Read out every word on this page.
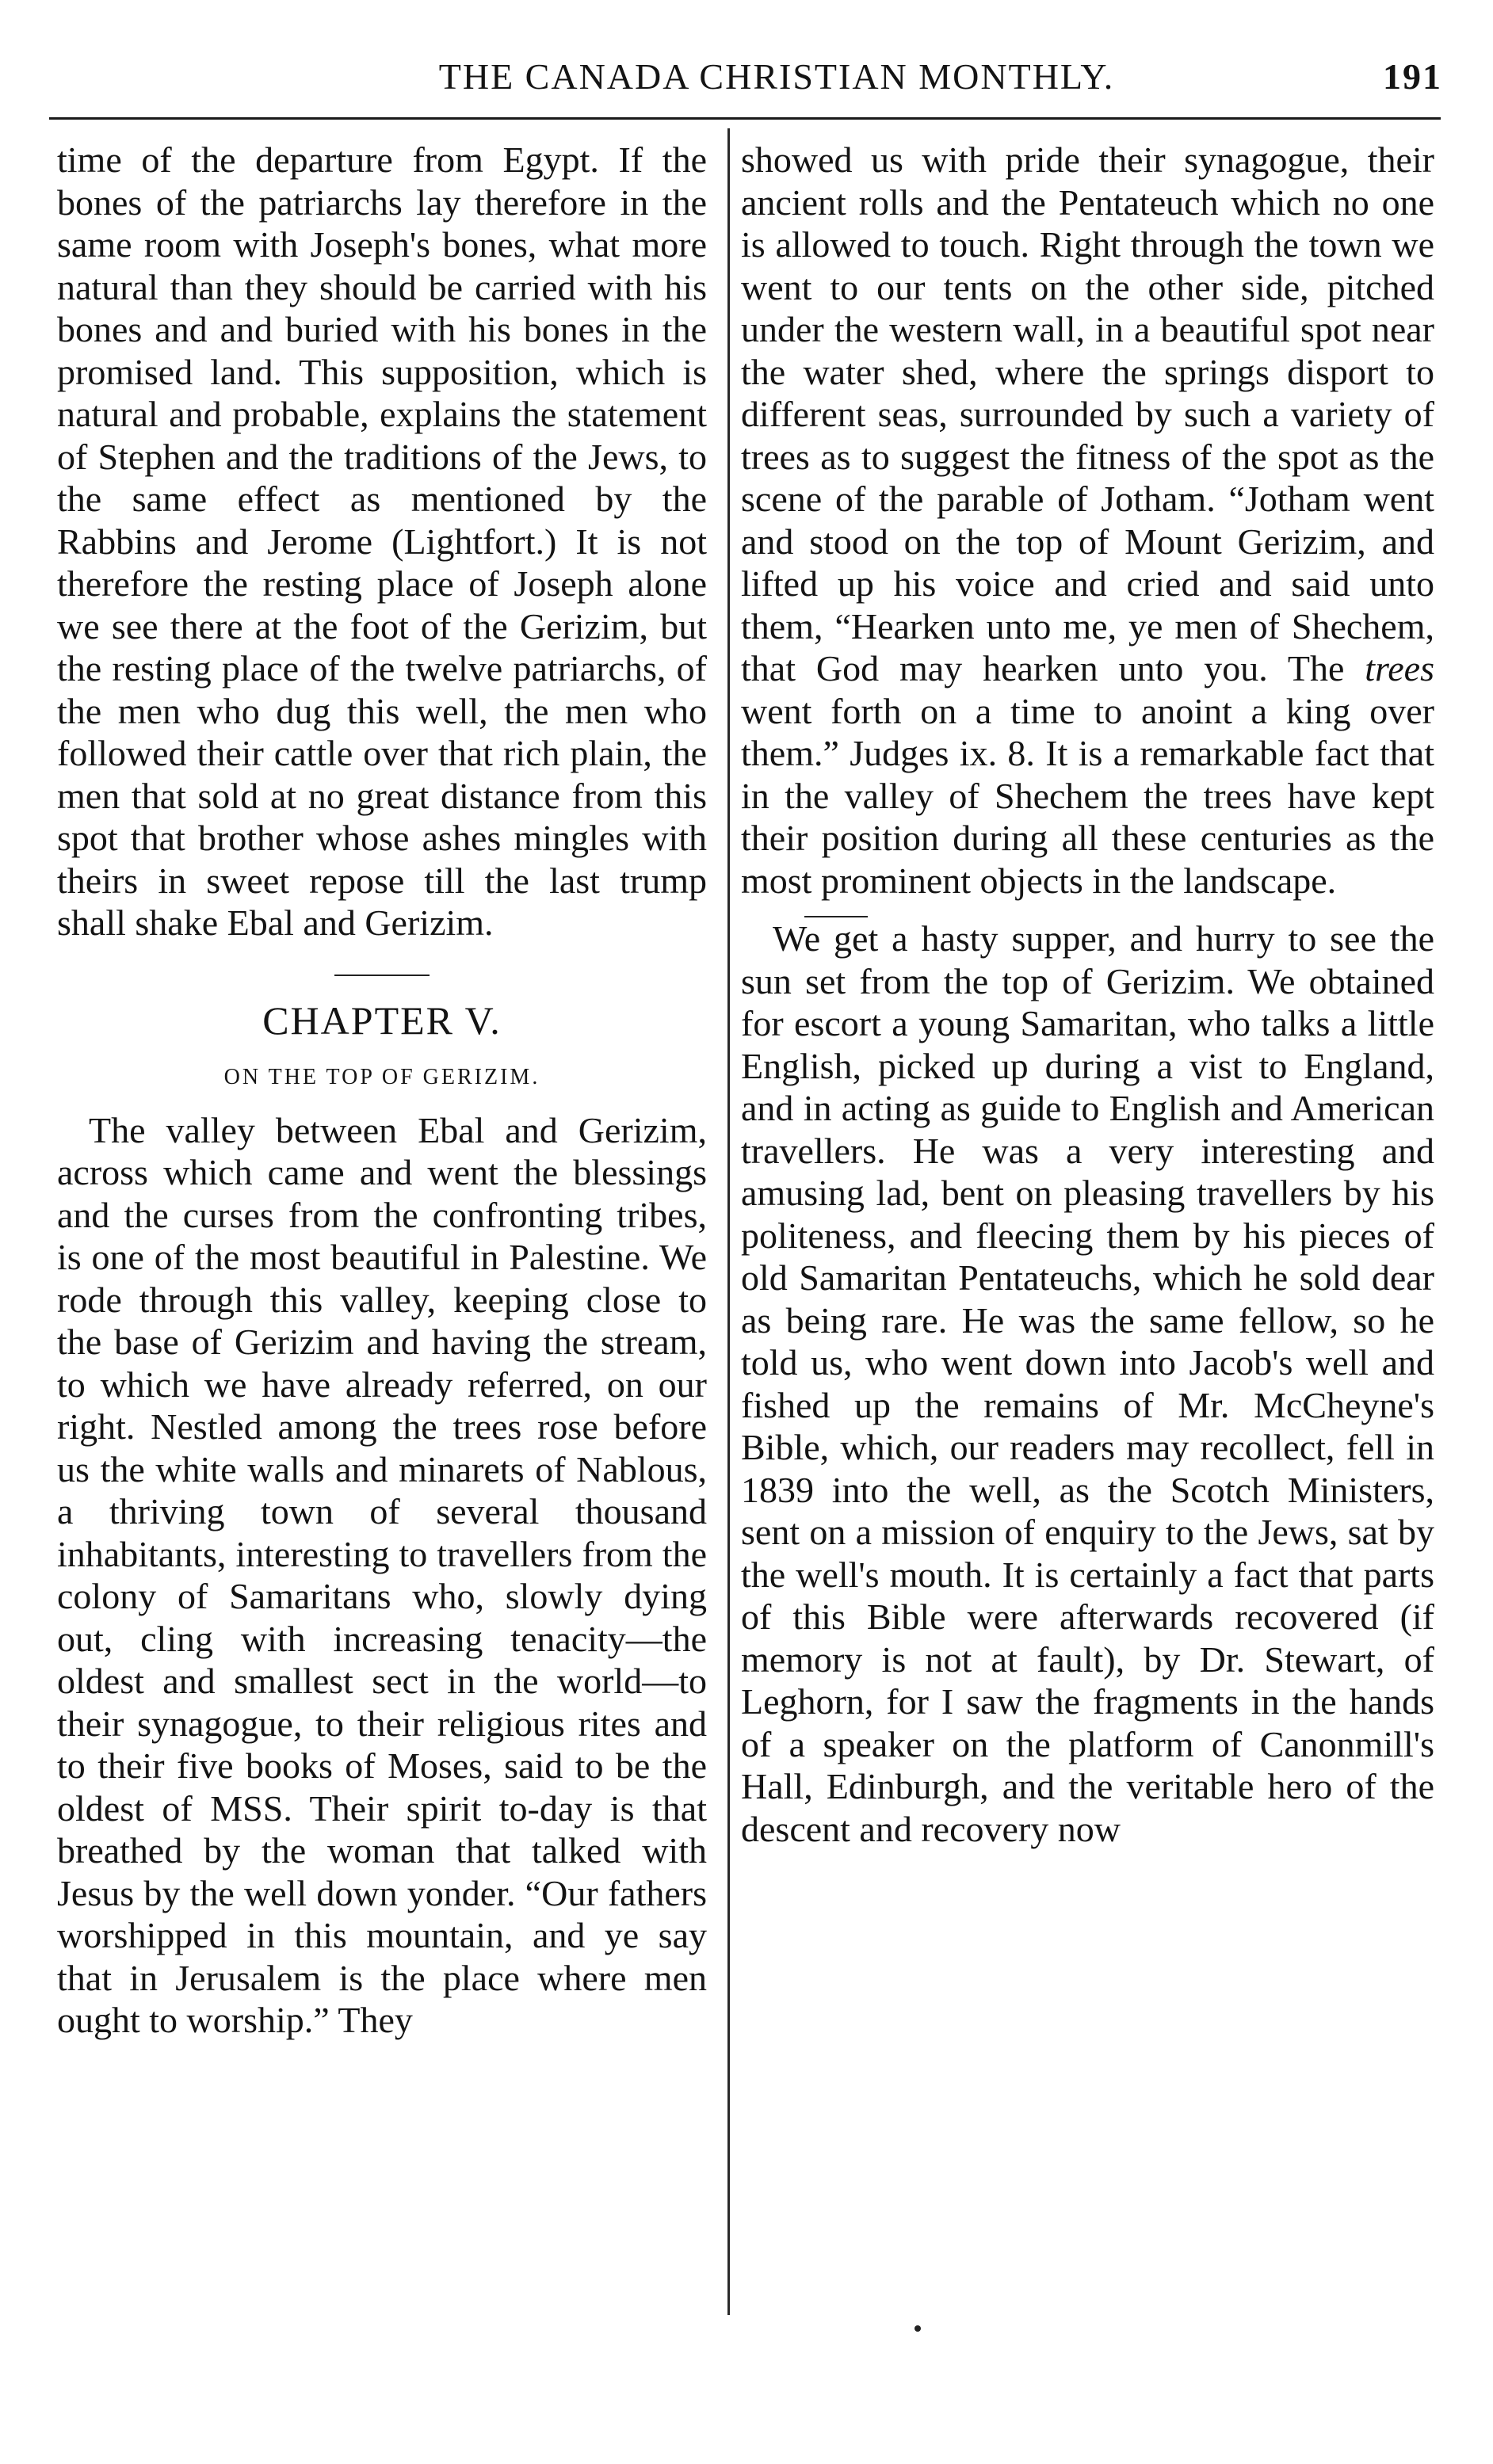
THE CANADA CHRISTIAN MONTHLY.	191

time of the departure from Egypt. If the bones of the patriarchs lay therefore in the same room with Joseph's bones, what more natural than they should be carried with his bones and and buried with his bones in the promised land. This supposition, which is natural and probable, explains the statement of Stephen and the traditions of the Jews, to the same effect as mentioned by the Rabbins and Jerome (Lightfort.) It is not therefore the resting place of Joseph alone we see there at the foot of the Gerizim, but the resting place of the twelve patriarchs, of the men who dug this well, the men who followed their cattle over that rich plain, the men that sold at no great distance from this spot that brother whose ashes mingles with theirs in sweet repose till the last trump shall shake Ebal and Gerizim.

CHAPTER V.
ON THE TOP OF GERIZIM.

The valley between Ebal and Gerizim, across which came and went the blessings and the curses from the confronting tribes, is one of the most beautiful in Palestine. We rode through this valley, keeping close to the base of Gerizim and having the stream, to which we have already referred, on our right. Nestled among the trees rose before us the white walls and minarets of Nablous, a thriving town of several thousand inhabitants, interesting to travellers from the colony of Samaritans who, slowly dying out, cling with increasing tenacity—the oldest and smallest sect in the world—to their synagogue, to their religious rites and to their five books of Moses, said to be the oldest of MSS. Their spirit to-day is that breathed by the woman that talked with Jesus by the well down yonder. “Our fathers worshipped in this mountain, and ye say that in Jerusalem is the place where men ought to worship.” They

showed us with pride their synagogue, their ancient rolls and the Pentateuch which no one is allowed to touch. Right through the town we went to our tents on the other side, pitched under the western wall, in a beautiful spot near the water shed, where the springs disport to different seas, surrounded by such a variety of trees as to suggest the fitness of the spot as the scene of the parable of Jotham. “Jotham went and stood on the top of Mount Gerizim, and lifted up his voice and cried and said unto them, “Hearken unto me, ye men of Shechem, that God may hearken unto you. The trees went forth on a time to anoint a king over them.” Judges ix. 8. It is a remarkable fact that in the valley of Shechem the trees have kept their position during all these centuries as the most prominent objects in the landscape.

We get a hasty supper, and hurry to see the sun set from the top of Gerizim. We obtained for escort a young Samaritan, who talks a little English, picked up during a vist to England, and in acting as guide to English and American travellers. He was a very interesting and amusing lad, bent on pleasing travellers by his politeness, and fleecing them by his pieces of old Samaritan Pentateuchs, which he sold dear as being rare. He was the same fellow, so he told us, who went down into Jacob's well and fished up the remains of Mr. McCheyne's Bible, which, our readers may recollect, fell in 1839 into the well, as the Scotch Ministers, sent on a mission of enquiry to the Jews, sat by the well's mouth. It is certainly a fact that parts of this Bible were afterwards recovered (if memory is not at fault), by Dr. Stewart, of Leghorn, for I saw the fragments in the hands of a speaker on the platform of Canonmill's Hall, Edinburgh, and the veritable hero of the descent and recovery now
